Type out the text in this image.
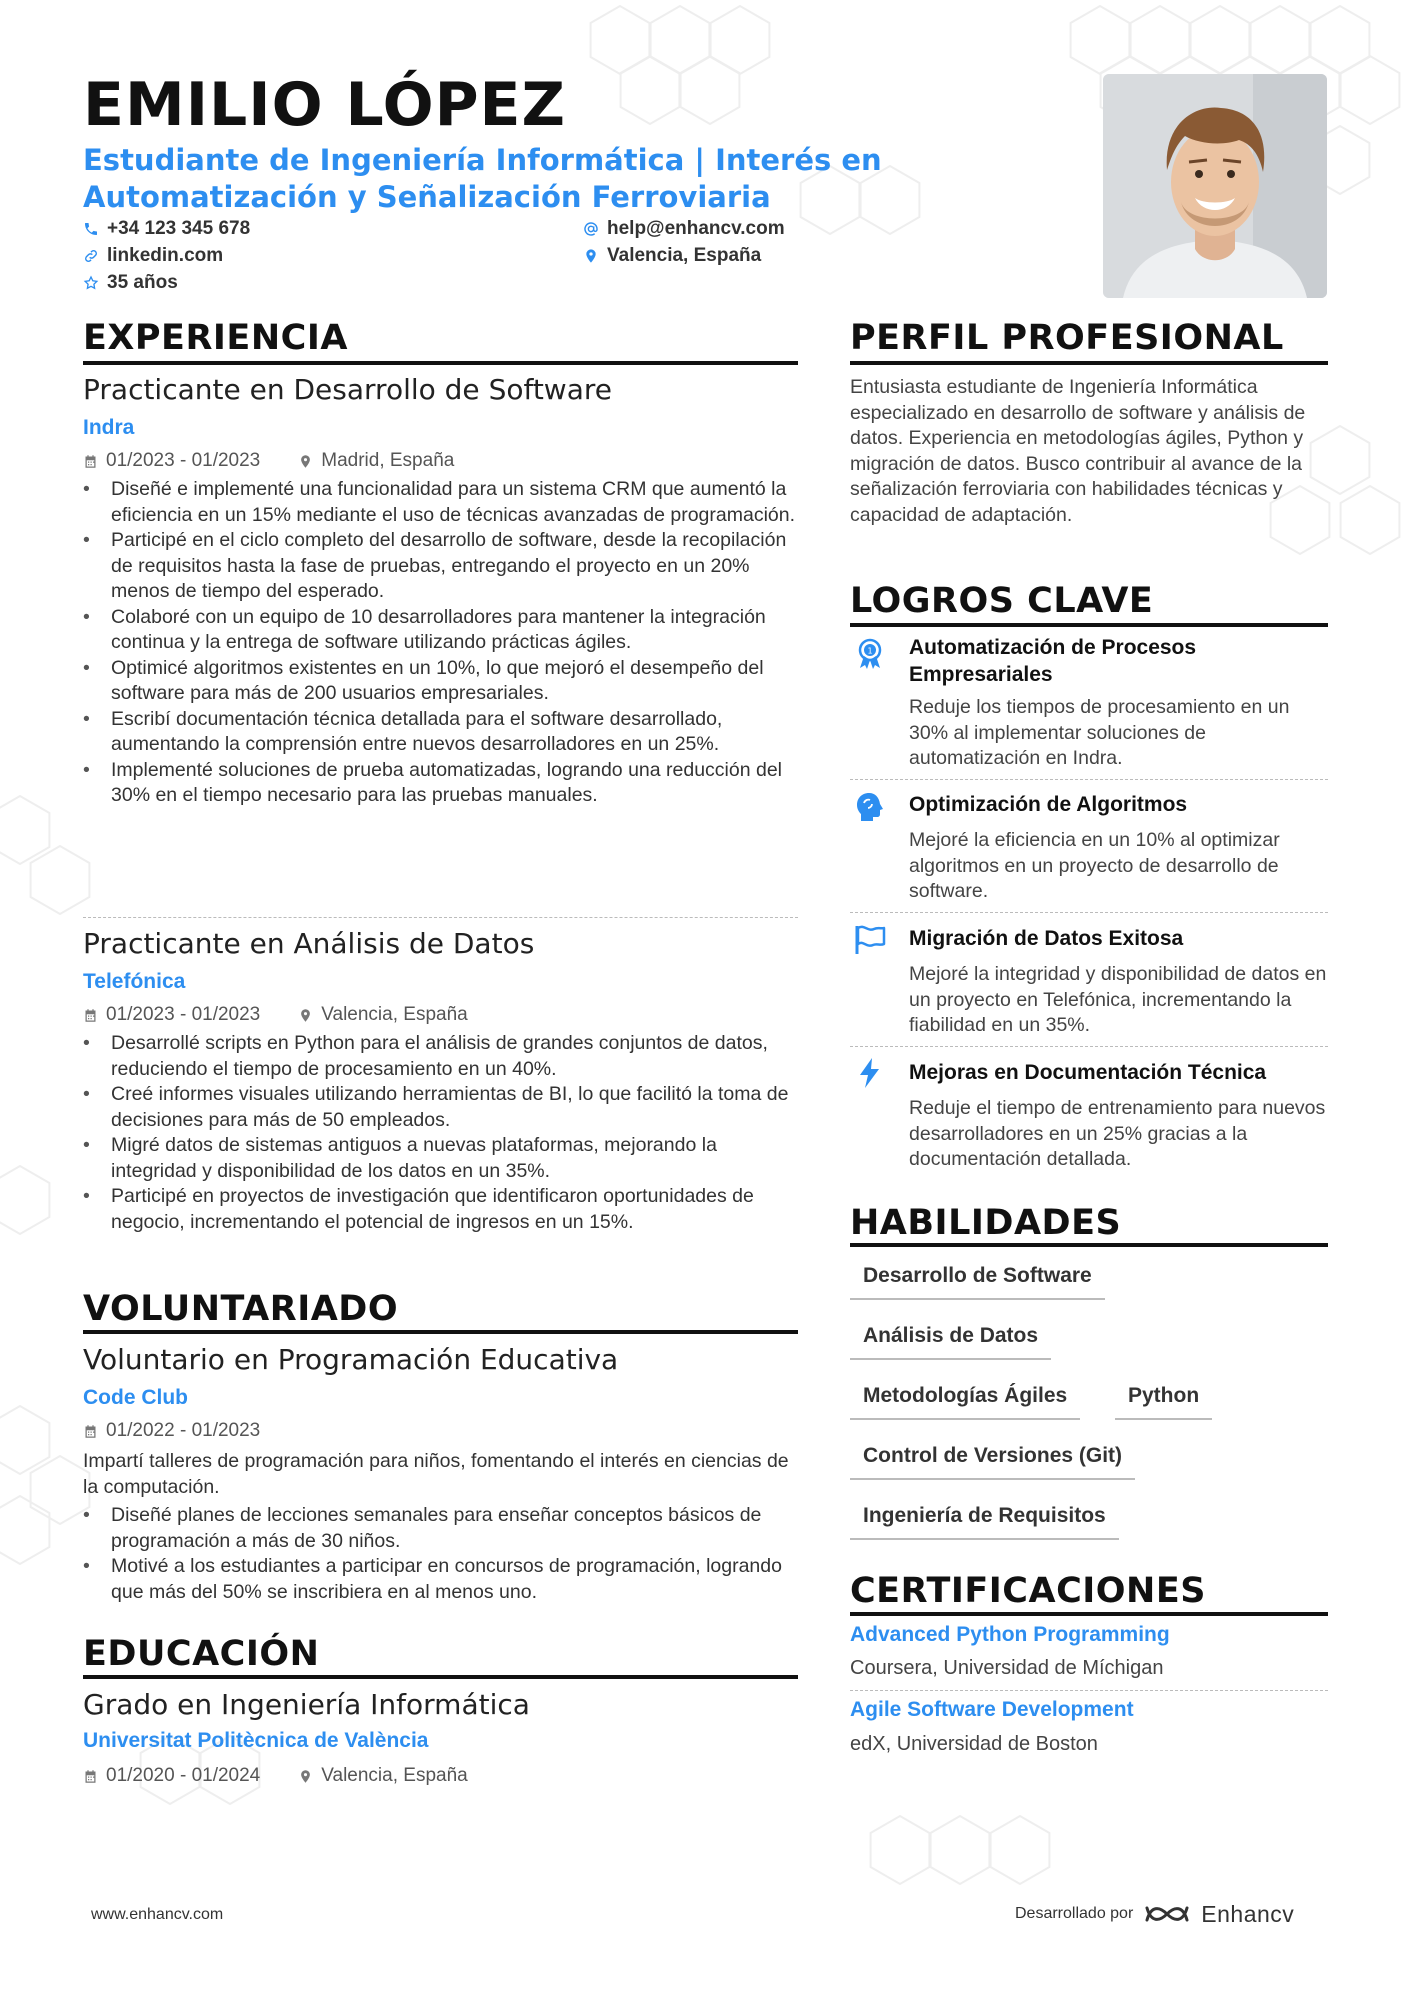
EMILIO LÓPEZ
Estudiante de Ingeniería Informática | Interés en Automatización y Señalización Ferroviaria
+34 123 345 678	help@enhancv.com
linkedin.com	Valencia, España
35 años
EXPERIENCIA
Practicante en Desarrollo de Software
Indra
01/2023 - 01/2023	Madrid, España
• Diseñé e implementé una funcionalidad para un sistema CRM que aumentó la eficiencia en un 15% mediante el uso de técnicas avanzadas de programación.
• Participé en el ciclo completo del desarrollo de software, desde la recopilación de requisitos hasta la fase de pruebas, entregando el proyecto en un 20% menos de tiempo del esperado.
• Colaboré con un equipo de 10 desarrolladores para mantener la integración continua y la entrega de software utilizando prácticas ágiles.
• Optimicé algoritmos existentes en un 10%, lo que mejoró el desempeño del software para más de 200 usuarios empresariales.
• Escribí documentación técnica detallada para el software desarrollado, aumentando la comprensión entre nuevos desarrolladores en un 25%.
• Implementé soluciones de prueba automatizadas, logrando una reducción del 30% en el tiempo necesario para las pruebas manuales.
Practicante en Análisis de Datos
Telefónica
01/2023 - 01/2023	Valencia, España
• Desarrollé scripts en Python para el análisis de grandes conjuntos de datos, reduciendo el tiempo de procesamiento en un 40%.
• Creé informes visuales utilizando herramientas de BI, lo que facilitó la toma de decisiones para más de 50 empleados.
• Migré datos de sistemas antiguos a nuevas plataformas, mejorando la integridad y disponibilidad de los datos en un 35%.
• Participé en proyectos de investigación que identificaron oportunidades de negocio, incrementando el potencial de ingresos en un 15%.
VOLUNTARIADO
Voluntario en Programación Educativa
Code Club
01/2022 - 01/2023
Impartí talleres de programación para niños, fomentando el interés en ciencias de la computación.
• Diseñé planes de lecciones semanales para enseñar conceptos básicos de programación a más de 30 niños.
• Motivé a los estudiantes a participar en concursos de programación, logrando que más del 50% se inscribiera en al menos uno.
EDUCACIÓN
Grado en Ingeniería Informática
Universitat Politècnica de València
01/2020 - 01/2024	Valencia, España
PERFIL PROFESIONAL
Entusiasta estudiante de Ingeniería Informática especializado en desarrollo de software y análisis de datos. Experiencia en metodologías ágiles, Python y migración de datos. Busco contribuir al avance de la señalización ferroviaria con habilidades técnicas y capacidad de adaptación.
LOGROS CLAVE
1 Automatización de Procesos Empresariales
Reduje los tiempos de procesamiento en un 30% al implementar soluciones de automatización en Indra.
Optimización de Algoritmos
Mejoré la eficiencia en un 10% al optimizar algoritmos en un proyecto de desarrollo de software.
Migración de Datos Exitosa
Mejoré la integridad y disponibilidad de datos en un proyecto en Telefónica, incrementando la fiabilidad en un 35%.
Mejoras en Documentación Técnica
Reduje el tiempo de entrenamiento para nuevos desarrolladores en un 25% gracias a la documentación detallada.
HABILIDADES
Desarrollo de Software
Análisis de Datos
Metodologías Ágiles	Python
Control de Versiones (Git)
Ingeniería de Requisitos
CERTIFICACIONES
Advanced Python Programming
Coursera, Universidad de Míchigan
Agile Software Development
edX, Universidad de Boston
www.enhancv.com	Desarrollado por	Enhancv
